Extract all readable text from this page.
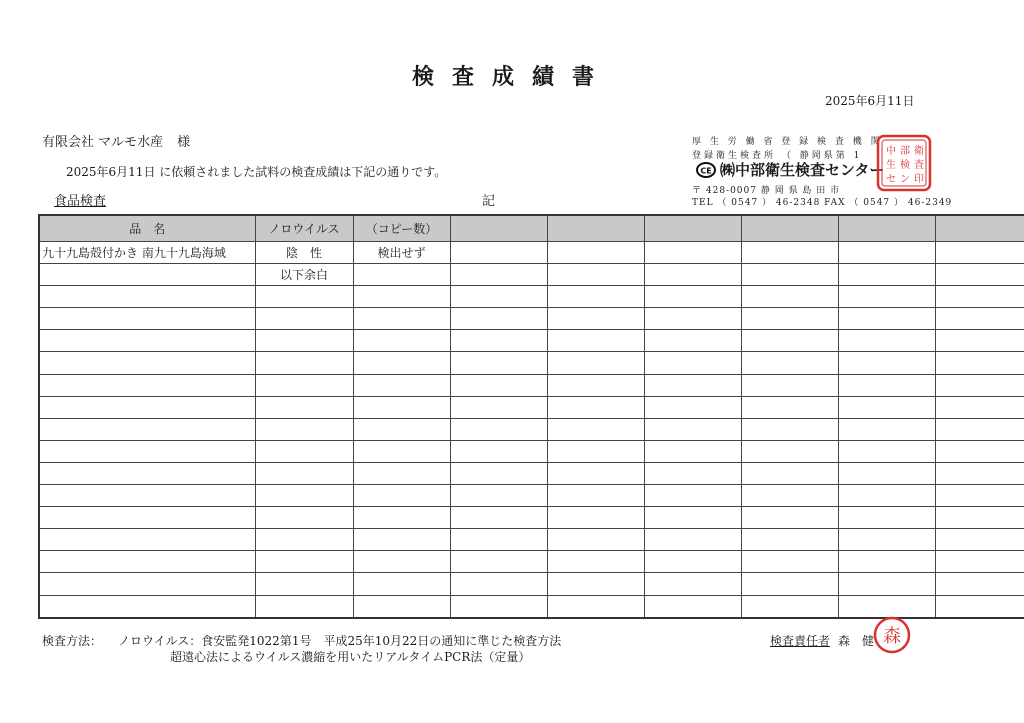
検査成績書
2025年6月11日
有限会社 マルモ水産 様
2025年6月11日 に依頼されました試料の検査成績は下記の通りです。
食品検査	記
厚 生 労 働 省 登 録 検 査 機 関
登録衛生検査所 （ 静岡県第 1
CE ㈱中部衛生検査センター
〒 428-0007 静 岡 県 島 田 市
TEL （ 0547 ） 46-2348 FAX （ 0547 ） 46-2349
中 部 衛
生 検 査
セ ン 印
品　名	ノロウイルス	（コピー数）						
九十九島殻付かき 南九十九島海域	陰　性	検出せず						
	以下余白							

検査方法： ノロウイルス：食安監発1022第1号　平成25年10月22日の通知に準じた検査方法
超遠心法によるウイルス濃縮を用いたリアルタイムPCR法（定量）
検査責任者 森　健 森
